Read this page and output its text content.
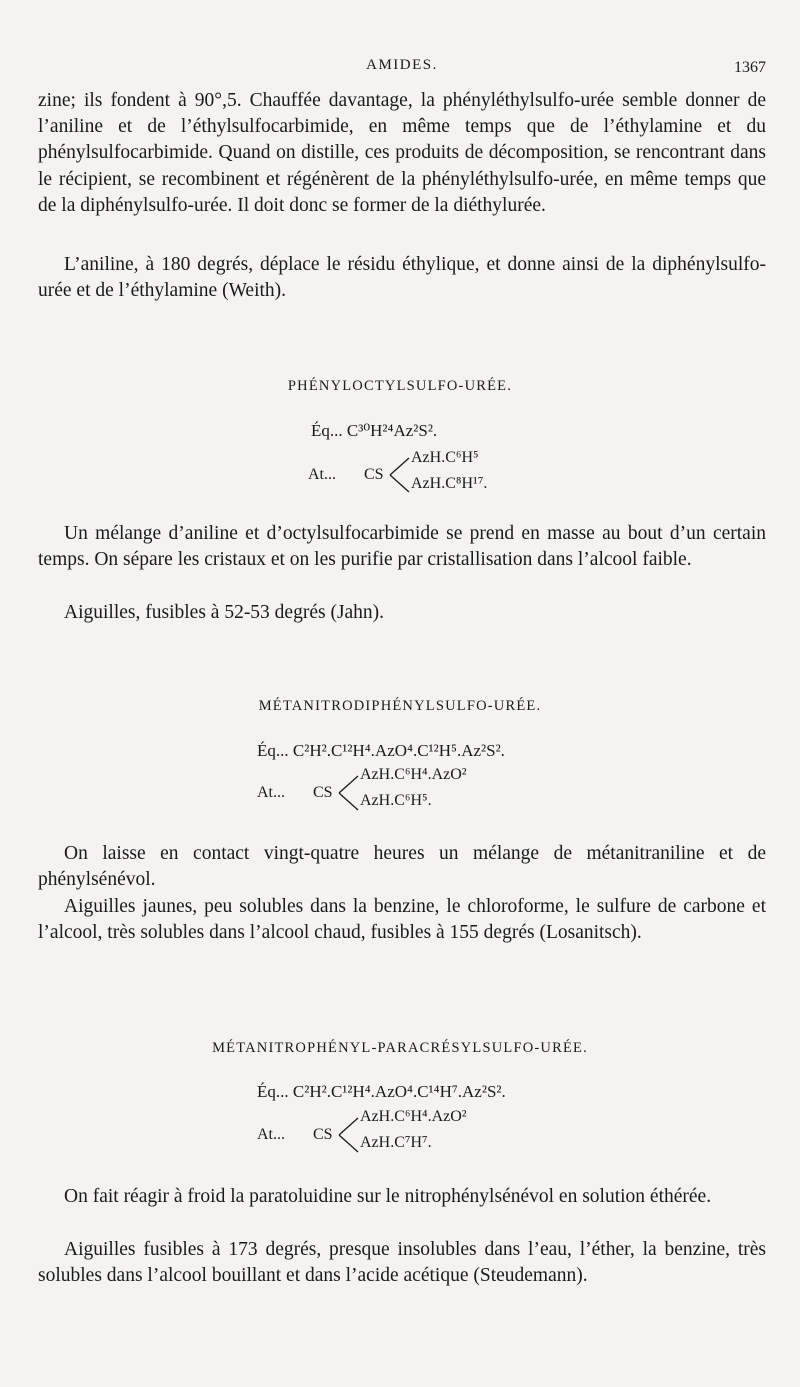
AMIDES.	1367

zine; ils fondent à 90°,5. Chauffée davantage, la phényléthylsulfo-urée semble donner de l’aniline et de l’éthylsulfocarbimide, en même temps que de l’éthylamine et du phénylsulfocarbimide. Quand on distille, ces produits de décomposition, se rencontrant dans le récipient, se recombinent et régénèrent de la phényléthylsulfo-urée, en même temps que de la diphénylsulfo-urée. Il doit donc se former de la diéthylurée.

L’aniline, à 180 degrés, déplace le résidu éthylique, et donne ainsi de la diphénylsulfo-urée et de l’éthylamine (Weith).

PHÉNYLOCTYLSULFO-URÉE.
Éq... C³⁰H²⁴Az²S².
At... CS
AzH.C⁶H⁵
AzH.C⁸H¹⁷.

Un mélange d’aniline et d’octylsulfocarbimide se prend en masse au bout d’un certain temps. On sépare les cristaux et on les purifie par cristallisation dans l’alcool faible.

Aiguilles, fusibles à 52-53 degrés (Jahn).

MÉTANITRODIPHÉNYLSULFO-URÉE.
Éq... C²H².C¹²H⁴.AzO⁴.C¹²H⁵.Az²S².
At... CS
AzH.C⁶H⁴.AzO²
AzH.C⁶H⁵.

On laisse en contact vingt-quatre heures un mélange de métanitraniline et de phénylsénévol.

Aiguilles jaunes, peu solubles dans la benzine, le chloroforme, le sulfure de carbone et l’alcool, très solubles dans l’alcool chaud, fusibles à 155 degrés (Losanitsch).

MÉTANITROPHÉNYL-PARACRÉSYLSULFO-URÉE.
Éq... C²H².C¹²H⁴.AzO⁴.C¹⁴H⁷.Az²S².
At... CS
AzH.C⁶H⁴.AzO²
AzH.C⁷H⁷.

On fait réagir à froid la paratoluidine sur le nitrophénylsénévol en solution éthérée.

Aiguilles fusibles à 173 degrés, presque insolubles dans l’eau, l’éther, la benzine, très solubles dans l’alcool bouillant et dans l’acide acétique (Steudemann).
